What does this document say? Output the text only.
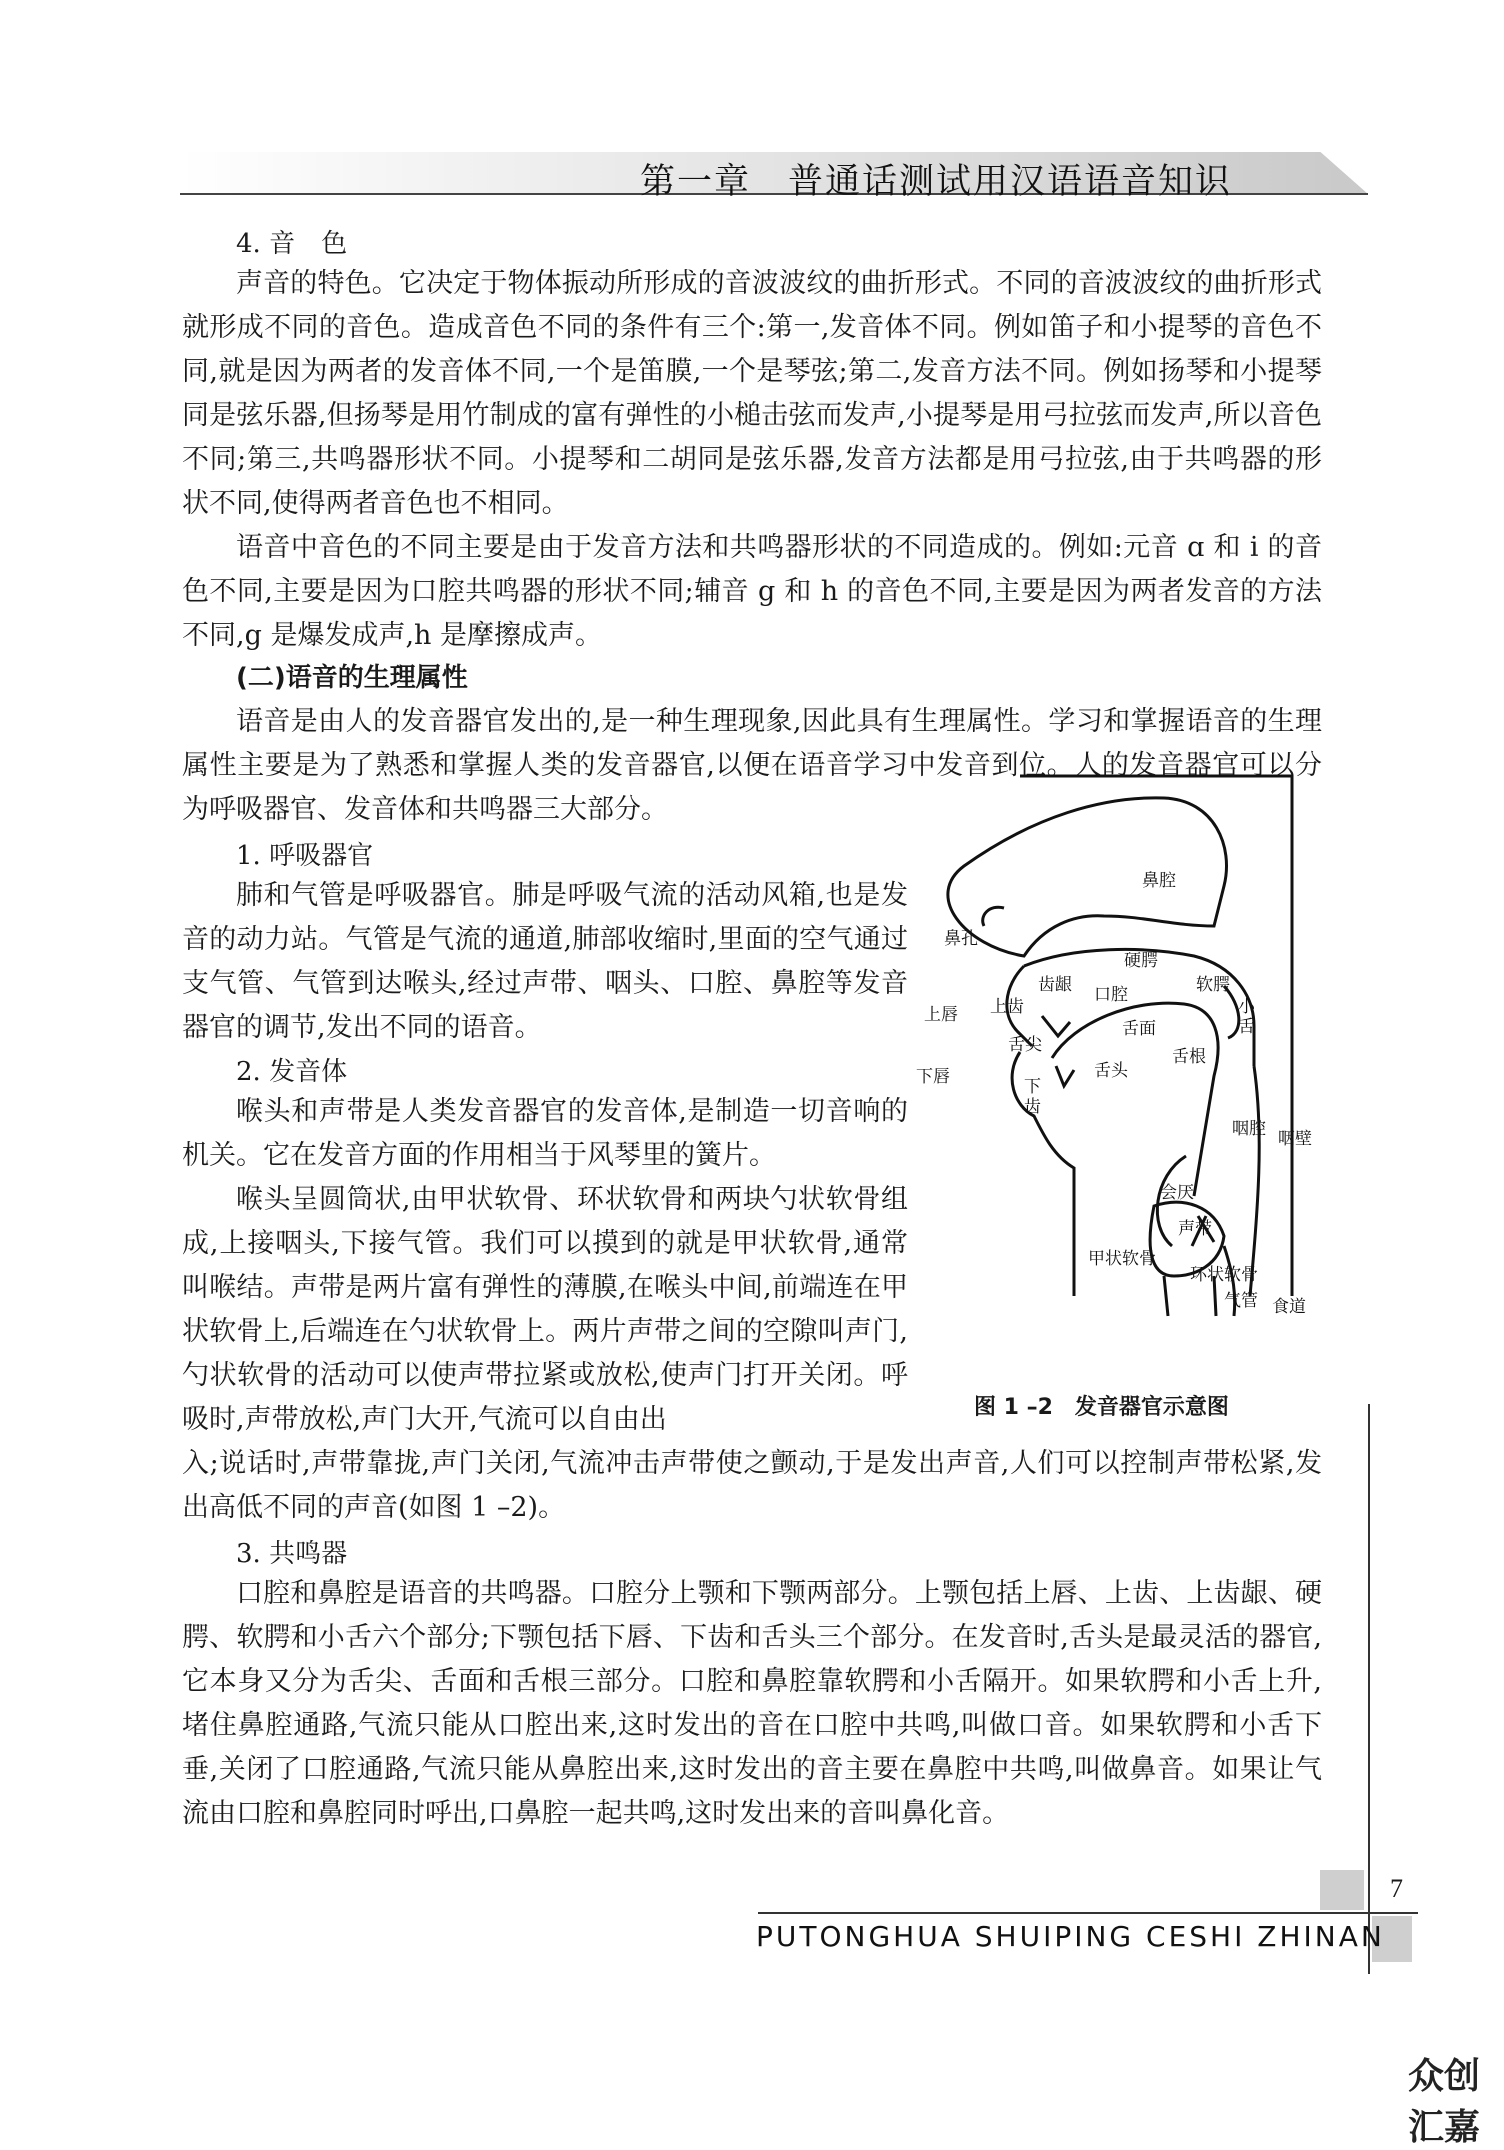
第一章　普通话测试用汉语语音知识

4. 音　色

声音的特色。它决定于物体振动所形成的音波波纹的曲折形式。不同的音波波纹的曲折形式就形成不同的音色。造成音色不同的条件有三个:第一,发音体不同。例如笛子和小提琴的音色不同,就是因为两者的发音体不同,一个是笛膜,一个是琴弦;第二,发音方法不同。例如扬琴和小提琴同是弦乐器,但扬琴是用竹制成的富有弹性的小槌击弦而发声,小提琴是用弓拉弦而发声,所以音色不同;第三,共鸣器形状不同。小提琴和二胡同是弦乐器,发音方法都是用弓拉弦,由于共鸣器的形状不同,使得两者音色也不相同。

语音中音色的不同主要是由于发音方法和共鸣器形状的不同造成的。例如:元音 ɑ 和 i 的音色不同,主要是因为口腔共鸣器的形状不同;辅音 g 和 h 的音色不同,主要是因为两者发音的方法不同,g 是爆发成声,h 是摩擦成声。

(二)语音的生理属性

语音是由人的发音器官发出的,是一种生理现象,因此具有生理属性。学习和掌握语音的生理属性主要是为了熟悉和掌握人类的发音器官,以便在语音学习中发音到位。人的发音器官可以分为呼吸器官、发音体和共鸣器三大部分。

1. 呼吸器官

肺和气管是呼吸器官。肺是呼吸气流的活动风箱,也是发音的动力站。气管是气流的通道,肺部收缩时,里面的空气通过支气管、气管到达喉头,经过声带、咽头、口腔、鼻腔等发音器官的调节,发出不同的语音。

2. 发音体

喉头和声带是人类发音器官的发音体,是制造一切音响的机关。它在发音方面的作用相当于风琴里的簧片。

喉头呈圆筒状,由甲状软骨、环状软骨和两块勺状软骨组成,上接咽头,下接气管。我们可以摸到的就是甲状软骨,通常叫喉结。声带是两片富有弹性的薄膜,在喉头中间,前端连在甲状软骨上,后端连在勺状软骨上。两片声带之间的空隙叫声门,勺状软骨的活动可以使声带拉紧或放松,使声门打开关闭。呼吸时,声带放松,声门大开,气流可以自由出

入;说话时,声带靠拢,声门关闭,气流冲击声带使之颤动,于是发出声音,人们可以控制声带松紧,发出高低不同的声音(如图 1 –2)。

3. 共鸣器

口腔和鼻腔是语音的共鸣器。口腔分上颚和下颚两部分。上颚包括上唇、上齿、上齿龈、硬腭、软腭和小舌六个部分;下颚包括下唇、下齿和舌头三个部分。在发音时,舌头是最灵活的器官,它本身又分为舌尖、舌面和舌根三部分。口腔和鼻腔靠软腭和小舌隔开。如果软腭和小舌上升,堵住鼻腔通路,气流只能从口腔出来,这时发出的音在口腔中共鸣,叫做口音。如果软腭和小舌下垂,关闭了口腔通路,气流只能从鼻腔出来,这时发出的音主要在鼻腔中共鸣,叫做鼻音。如果让气流由口腔和鼻腔同时呼出,口鼻腔一起共鸣,这时发出来的音叫鼻化音。

鼻腔
鼻孔
硬腭
齿龈
上齿
口腔	软腭
小
舌
上唇
舌面
舌尖
舌根
舌头
下唇	下
齿
咽腔 咽壁
会厌
声带
甲状软骨
环状软骨
气管 食道
图 1 –2　发音器官示意图
7
PUTONGHUA SHUIPING CESHI ZHINAN
众创汇嘉
